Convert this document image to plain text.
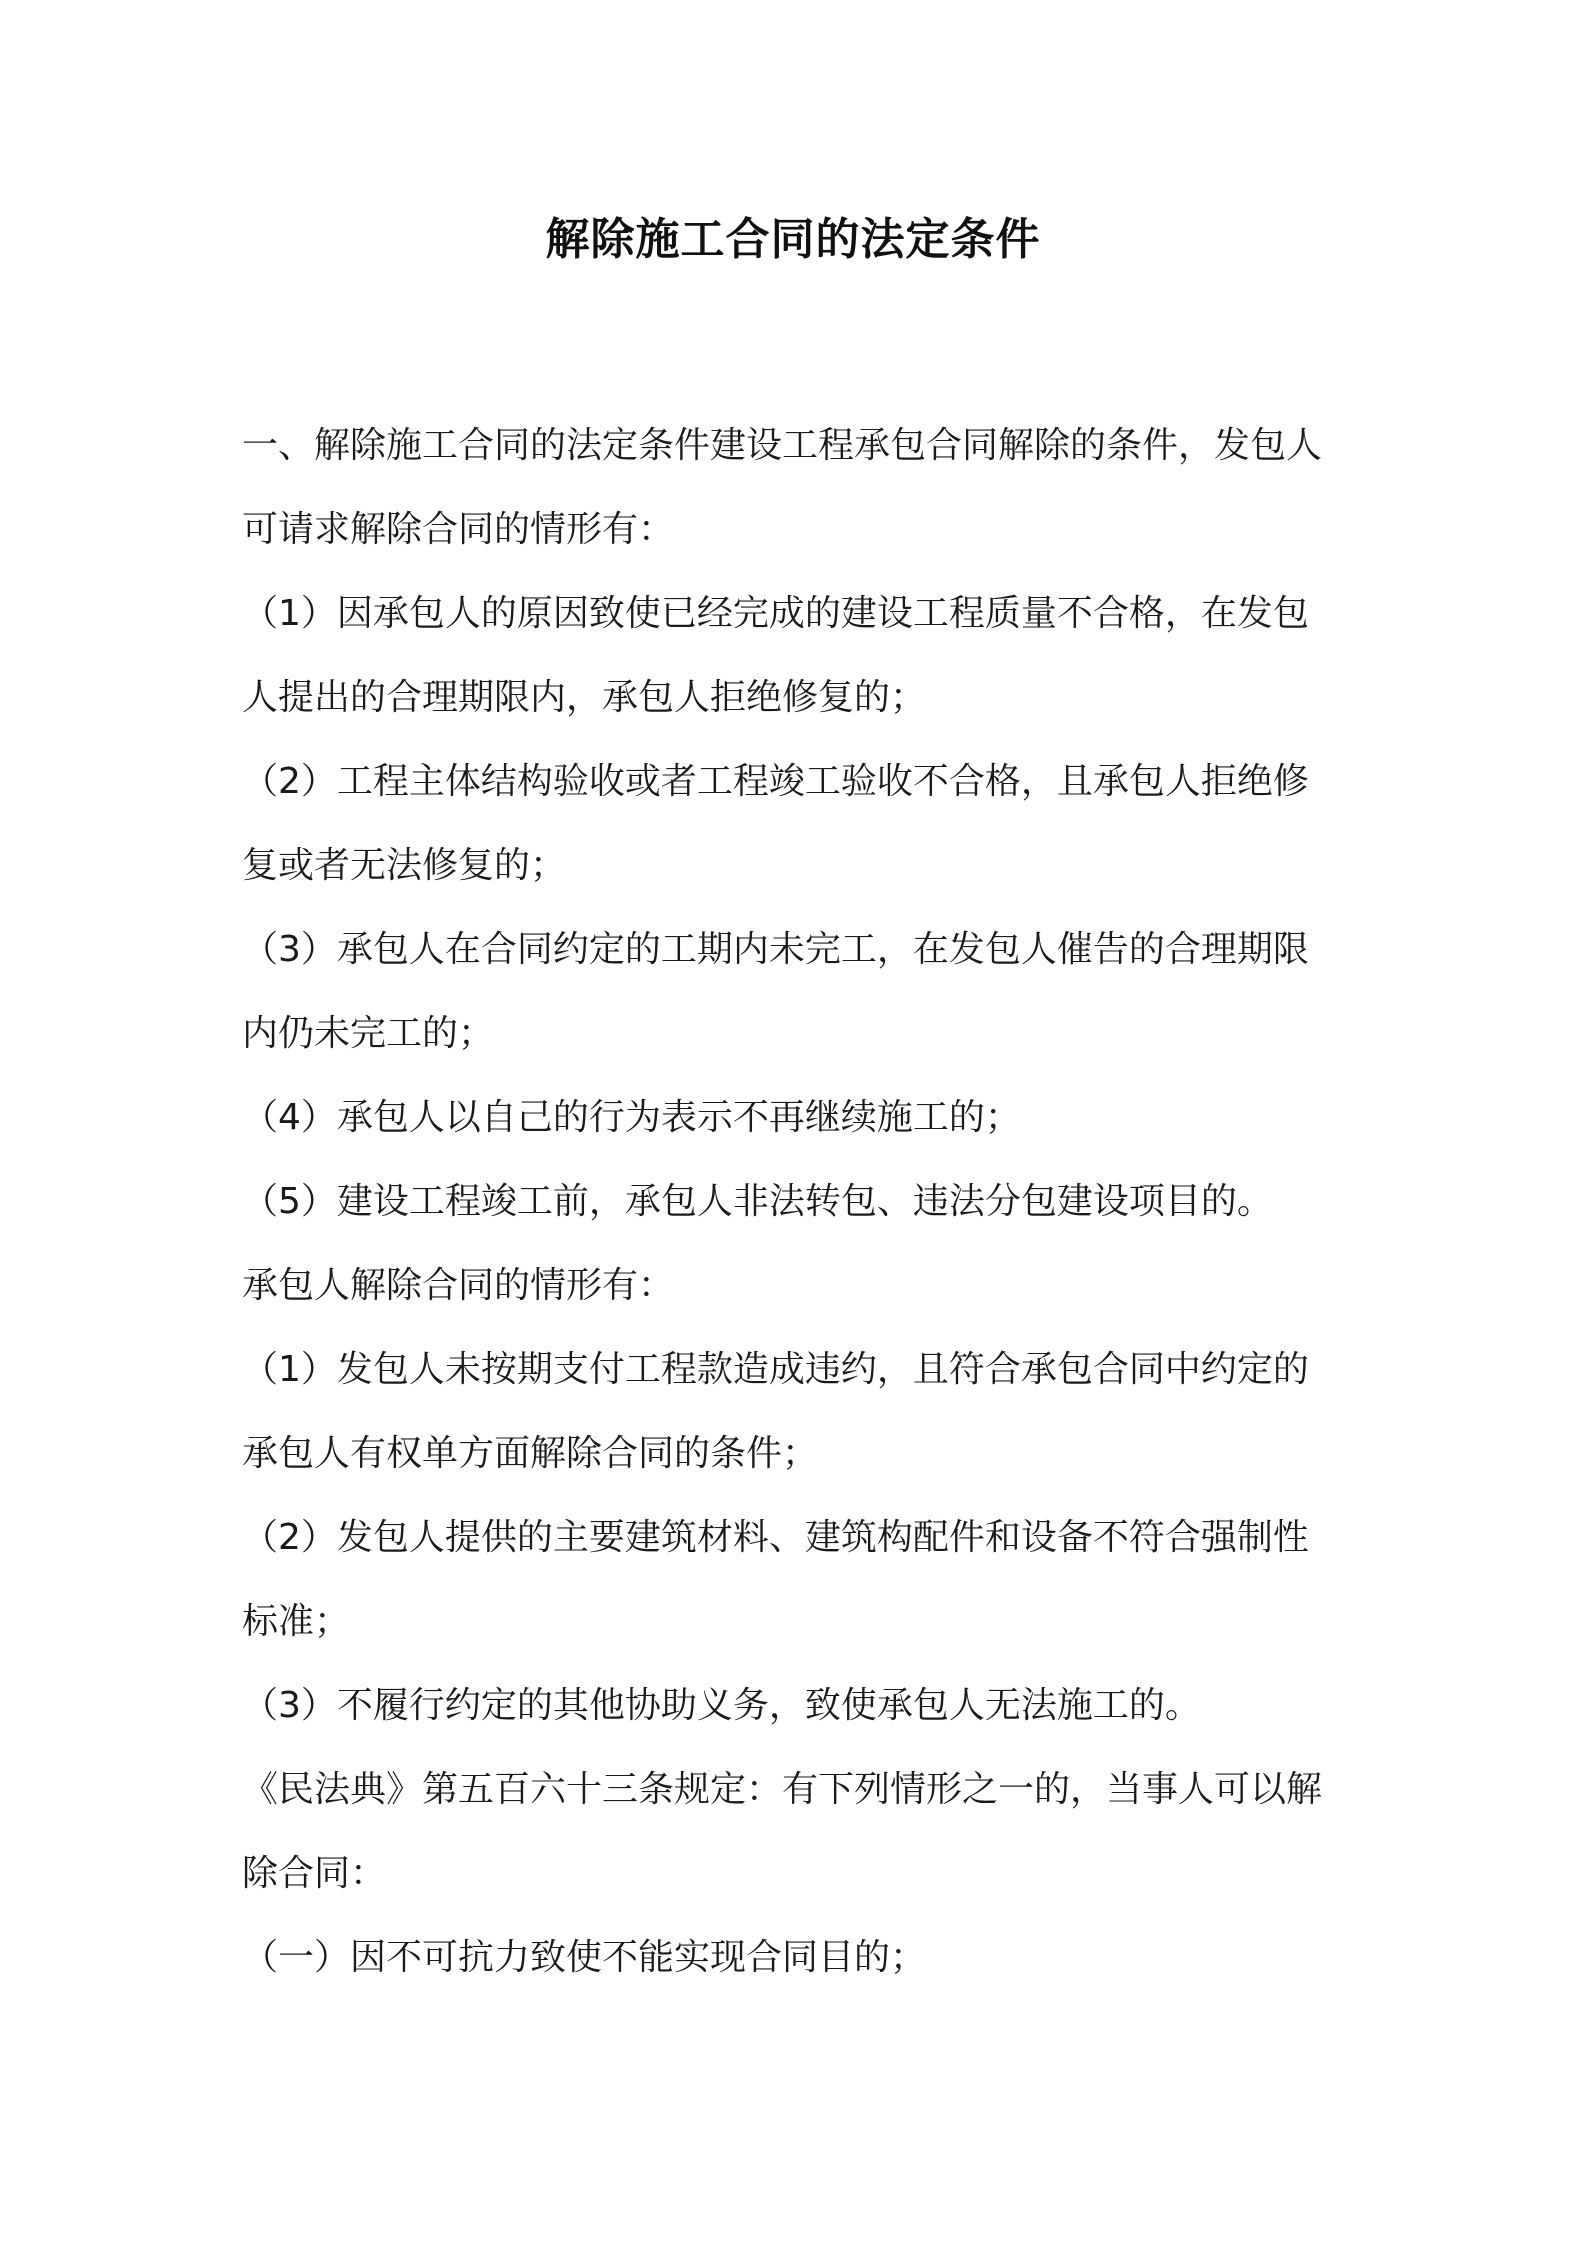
解除施工合同的法定条件
一、解除施工合同的法定条件建设工程承包合同解除的条件，发包人
可请求解除合同的情形有：
（1）因承包人的原因致使已经完成的建设工程质量不合格，在发包
人提出的合理期限内，承包人拒绝修复的；
（2）工程主体结构验收或者工程竣工验收不合格，且承包人拒绝修
复或者无法修复的；
（3）承包人在合同约定的工期内未完工，在发包人催告的合理期限
内仍未完工的；
（4）承包人以自己的行为表示不再继续施工的；
（5）建设工程竣工前，承包人非法转包、违法分包建设项目的。
承包人解除合同的情形有：
（1）发包人未按期支付工程款造成违约，且符合承包合同中约定的
承包人有权单方面解除合同的条件；
（2）发包人提供的主要建筑材料、建筑构配件和设备不符合强制性
标准；
（3）不履行约定的其他协助义务，致使承包人无法施工的。
《民法典》第五百六十三条规定：有下列情形之一的，当事人可以解
除合同：
（一）因不可抗力致使不能实现合同目的；
